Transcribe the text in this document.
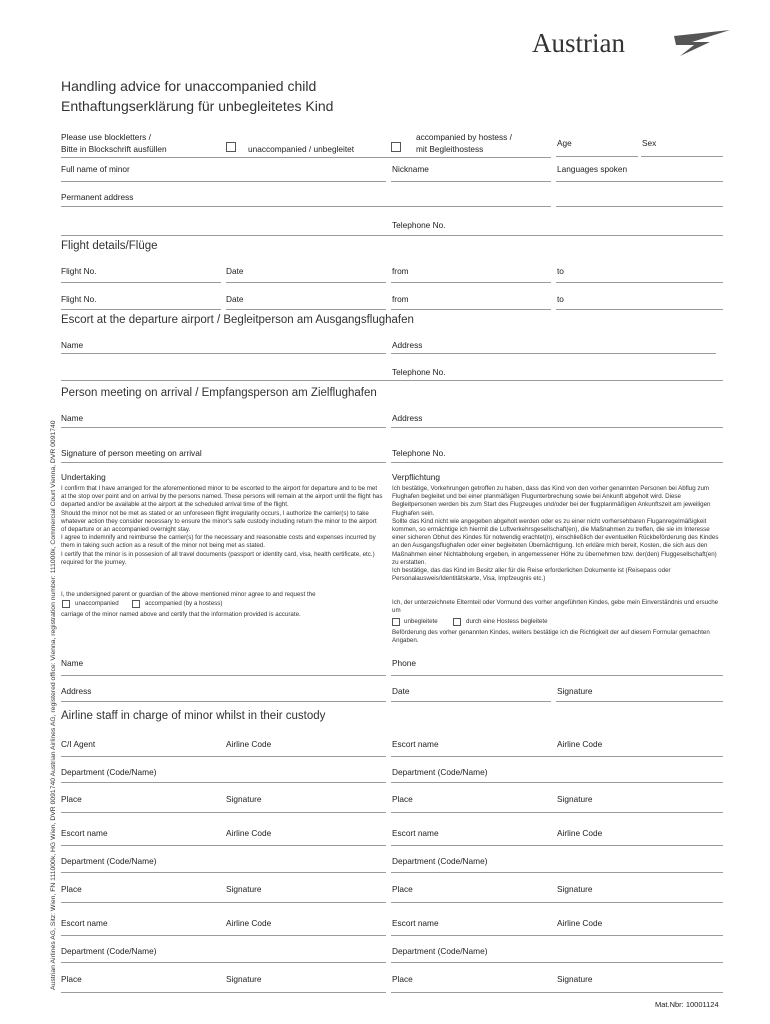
Austrian
Handling advice for unaccompanied child
Enthaftungserklärung für unbegleitetes Kind
Please use blockletters /
Bitte in Blockschrift ausfüllen	unaccompanied / unbegleitet
accompanied by hostess /
mit Begleithostess
Age	Sex
Full name of minor	Nickname	Languages spoken
Permanent address
Telephone No.
Flight details/Flüge
Flight No.	Date	from	to
Flight No.	Date	from	to
Escort at the departure airport / Begleitperson am Ausgangsflughafen
Name	Address
Telephone No.
Person meeting on arrival / Empfangsperson am Zielflughafen
Name	Address
Signature of person meeting on arrival	Telephone No.
Undertaking	Verpflichtung
I confirm that I have arranged for the aforementioned minor to be escorted to the airport for departure and to be met at the stop over point and on arrival by the persons named. These persons will remain at the airport until the flight has departed and/or be available at the airport at the scheduled arrival time of the flight.
Should the minor not be met as stated or an unforeseen flight irregularity occurs, I authorize the carrier(s) to take whatever action they consider necessary to ensure the minor's safe custody including return the minor to the airport of departure or an accompanied overnight stay.
I agree to indemnify and reimburse the carrier(s) for the necessary and reasonable costs and expenses incurred by them in taking such action as a result of the minor not being met as stated.
I certify that the minor is in possesion of all travel documents (passport or identity card, visa, health certificate, etc.) required for the journey.
I, the undersigned parent or guardian of the above mentioned minor agree to and request the
unaccompanied	accompanied (by a hostess)
carriage of the minor named above and certify that the information provided is accurate.
Ich bestätige, Vorkehrungen getroffen zu haben, dass das Kind von den vorher genannten Personen bei Abflug zum Flughafen begleitet und bei einer planmäßigen Flugunterbrechung sowie bei Ankunft abgeholt wird. Diese Begleitpersonen werden bis zum Start des Flugzeuges und/oder bei der flugplanmäßigen Ankunftszeit am jeweiligen Flughafen sein.
Sollte das Kind nicht wie angegeben abgeholt werden oder es zu einer nicht vorhersehbaren Fluganregelmäßigkeit kommen, so ermächtige ich hiermit die Luftverkehrsgesellschaft(en), die Maßnahmen zu treffen, die sie im Interesse einer sicheren Obhut des Kindes für notwendig erachtet(n), einschließlich der eventuellen Rückbeförderung des Kindes an den Ausgangsflughafen oder einer begleiteten Übernächtigung. Ich erkläre mich bereit, Kosten, die sich aus den Maßnahmen einer Nichtabholung ergeben, in angemessener Höhe zu übernehmen bzw. der(den) Fluggesellschaft(en) zu erstatten.
Ich bestätige, das das Kind im Besitz aller für die Reise erforderlichen Dokumente ist (Reisepass oder Personalausweis/Identitätskarte, Visa, Impfzeugnis etc.)
Ich, der unterzeichnete Elternteil oder Vormund des vorher angeführten Kindes, gebe mein Einverständnis und ersuche um
unbegleitete	durch eine Hostess begleitete
Beförderung des vorher genannten Kindes, weiters bestätige ich die Richtigkeit der auf diesem Formular gemachten Angaben.
Name	Phone
Address	Date	Signature
Airline staff in charge of minor whilst in their custody
C/I Agent	Airline Code	Escort name	Airline Code
Department (Code/Name)	Department (Code/Name)
Place	Signature	Place	Signature
Escort name	Airline Code	Escort name	Airline Code
Department (Code/Name)	Department (Code/Name)
Place	Signature	Place	Signature
Escort name	Airline Code	Escort name	Airline Code
Department (Code/Name)	Department (Code/Name)
Place	Signature	Place	Signature
Austrian Airlines AG, Sitz: Wien, FN 111000k, HG Wien, DVR 0091740 Austrian Airlines AG, registered office: Vienna, registration number: 111000k, Commercial Court Vienna, DVR 0091740
Mat.Nbr: 10001124
